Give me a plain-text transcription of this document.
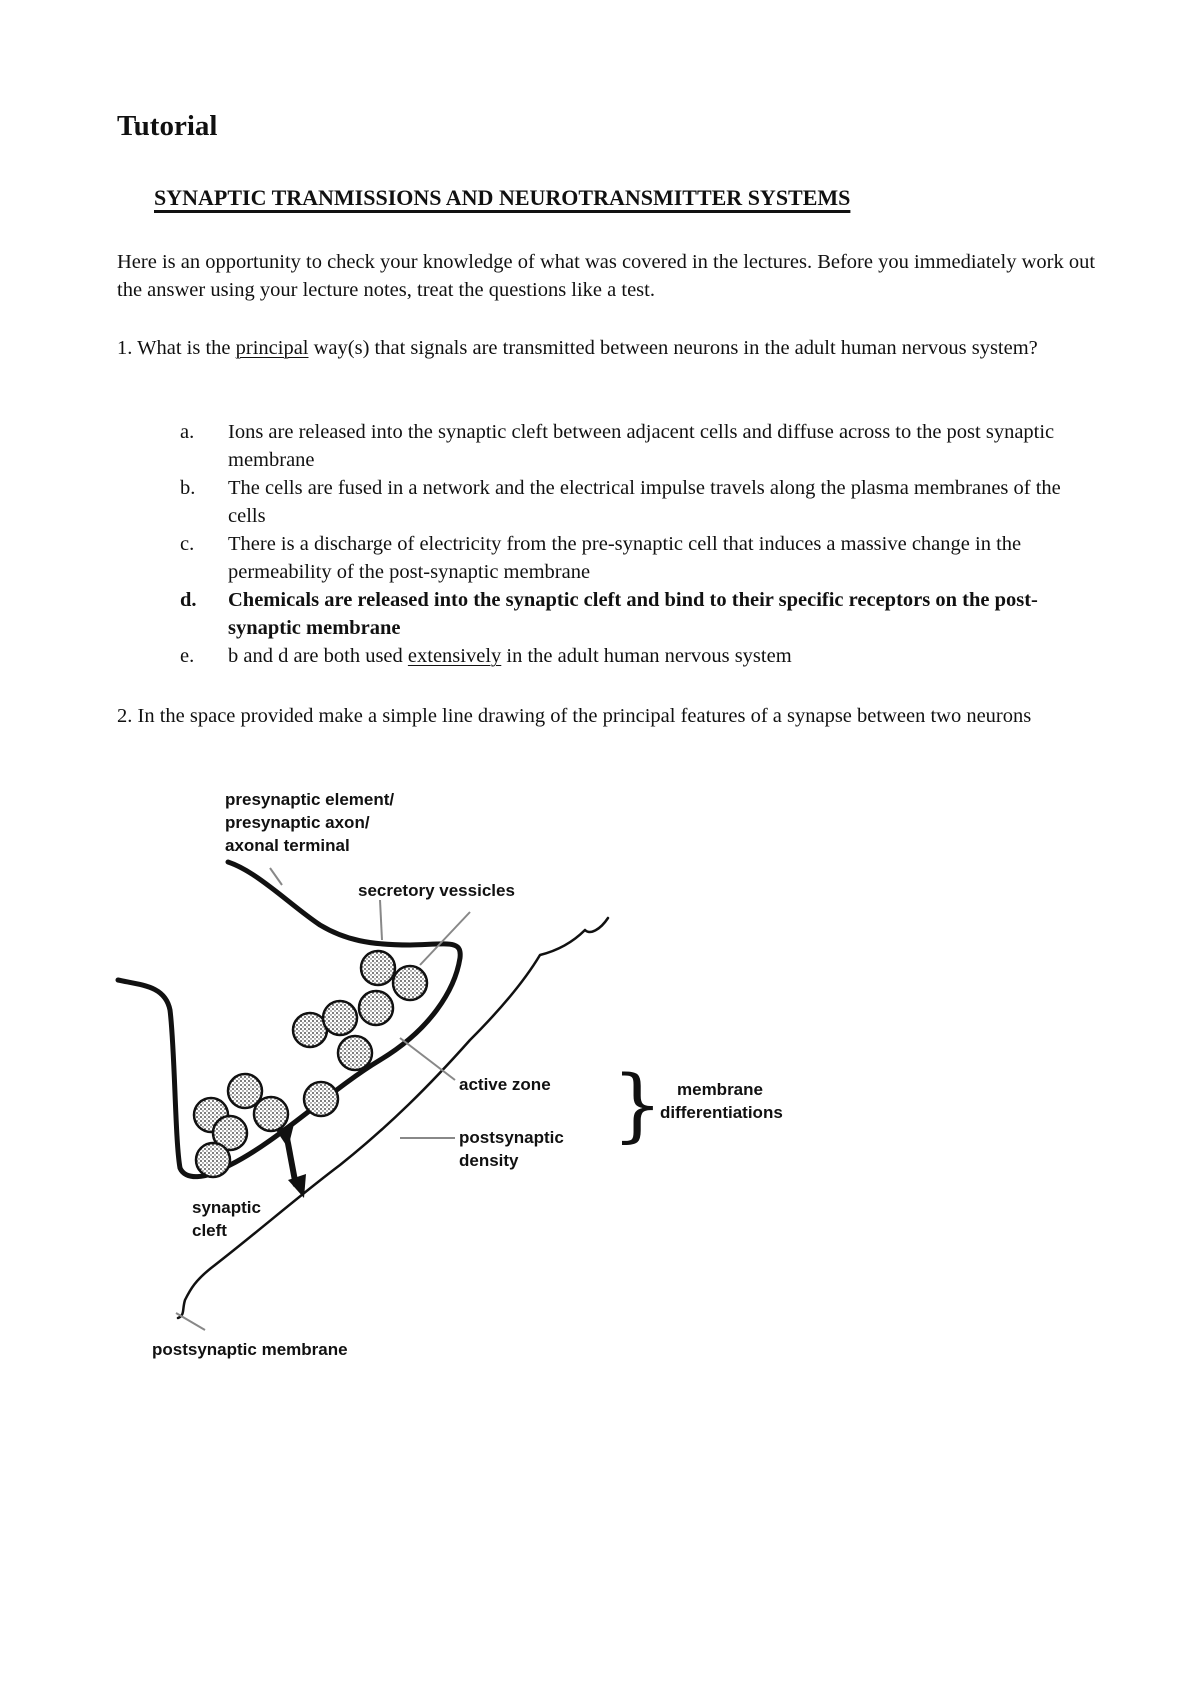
Tutorial
SYNAPTIC TRANMISSIONS AND NEUROTRANSMITTER SYSTEMS

Here is an opportunity to check your knowledge of what was covered in the lectures. Before you immediately work out the answer using your lecture notes, treat the questions like a test.

1. What is the principal way(s) that signals are transmitted between neurons in the adult human nervous system?

a. Ions are released into the synaptic cleft between adjacent cells and diffuse across to the post synaptic membrane
b. The cells are fused in a network and the electrical impulse travels along the plasma membranes of the cells
c. There is a discharge of electricity from the pre-synaptic cell that induces a massive change in the permeability of the post-synaptic membrane
d. Chemicals are released into the synaptic cleft and bind to their specific receptors on the post-synaptic membrane
e. b and d are both used extensively in the adult human nervous system

2. In the space provided make a simple line drawing of the principal features of a synapse between two neurons

presynaptic element/
presynaptic axon/
axonal terminal
secretory vessicles
active zone
postsynaptic
density
membrane
differentiations
synaptic
cleft
postsynaptic membrane
}
